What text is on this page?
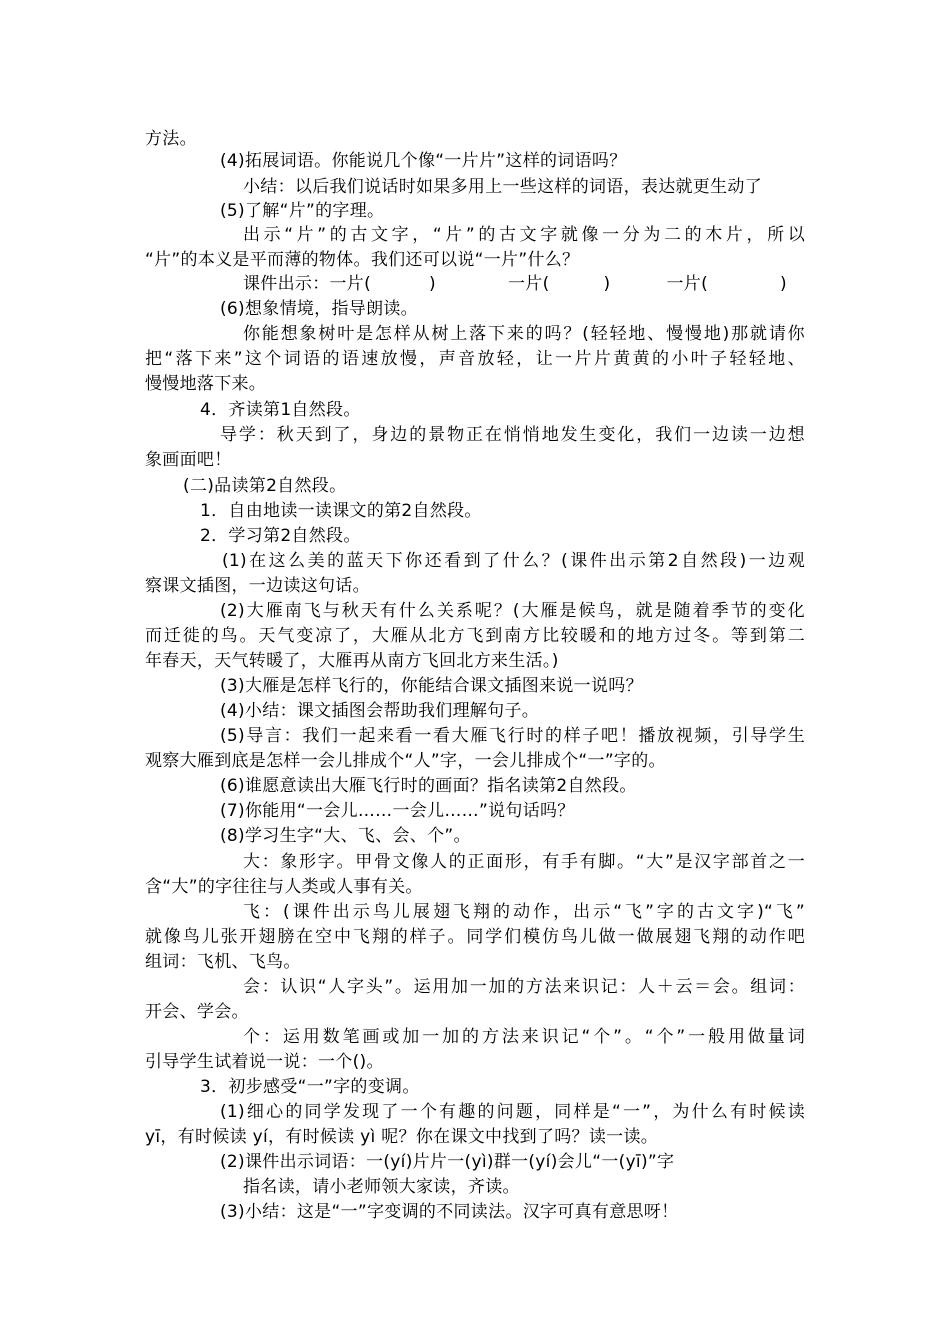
方法。
(4)拓展词语。你能说几个像“一片片”这样的词语吗？
小结：以后我们说话时如果多用上一些这样的词语，表达就更生动了
(5)了解“片”的字理。
出示“片”的古文字，“片”的古文字就像一分为二的木片，所以
“片”的本义是平而薄的物体。我们还可以说“一片”什么？
课件出示： 一片(	)	一片(	)	一片(	)
(6)想象情境，指导朗读。
你能想象树叶是怎样从树上落下来的吗？(轻轻地、慢慢地)那就请你
把“落下来”这个词语的语速放慢，声音放轻，让一片片黄黄的小叶子轻轻地、
慢慢地落下来。
4．齐读第1自然段。
导学：秋天到了，身边的景物正在悄悄地发生变化，我们一边读一边想
象画面吧！
(二)品读第2自然段。
1．自由地读一读课文的第2自然段。
2．学习第2自然段。
(1)在这么美的蓝天下你还看到了什么？(课件出示第2自然段)一边观
察课文插图，一边读这句话。
(2)大雁南飞与秋天有什么关系呢？(大雁是候鸟，就是随着季节的变化
而迁徙的鸟。天气变凉了，大雁从北方飞到南方比较暖和的地方过冬。等到第二
年春天，天气转暖了，大雁再从南方飞回北方来生活。)
(3)大雁是怎样飞行的，你能结合课文插图来说一说吗？
(4)小结：课文插图会帮助我们理解句子。
(5)导言：我们一起来看一看大雁飞行时的样子吧！播放视频，引导学生
观察大雁到底是怎样一会儿排成个“人”字，一会儿排成个“一”字的。
(6)谁愿意读出大雁飞行时的画面？指名读第2自然段。
(7)你能用“一会儿……一会儿……”说句话吗？
(8)学习生字“大、飞、会、个”。
大：象形字。甲骨文像人的正面形，有手有脚。“大”是汉字部首之一
含“大”的字往往与人类或人事有关。
飞：(课件出示鸟儿展翅飞翔的动作，出示“飞”字的古文字)“飞”
就像鸟儿张开翅膀在空中飞翔的样子。同学们模仿鸟儿做一做展翅飞翔的动作吧
组词：飞机、飞鸟。
会：认识“人字头”。运用加一加的方法来识记：人＋云＝会。组词：
开会、学会。
个：运用数笔画或加一加的方法来识记“个”。“个”一般用做量词
引导学生试着说一说：一个()。
3．初步感受“一”字的变调。
(1)细心的同学发现了一个有趣的问题，同样是“一”，为什么有时候读
yī，有时候读 yí，有时候读 yì 呢？你在课文中找到了吗？读一读。
(2)课件出示词语：一(yí)片片一(yì)群一(yí)会儿“一(yī)”字
指名读，请小老师领大家读，齐读。
(3)小结：这是“一”字变调的不同读法。汉字可真有意思呀！
